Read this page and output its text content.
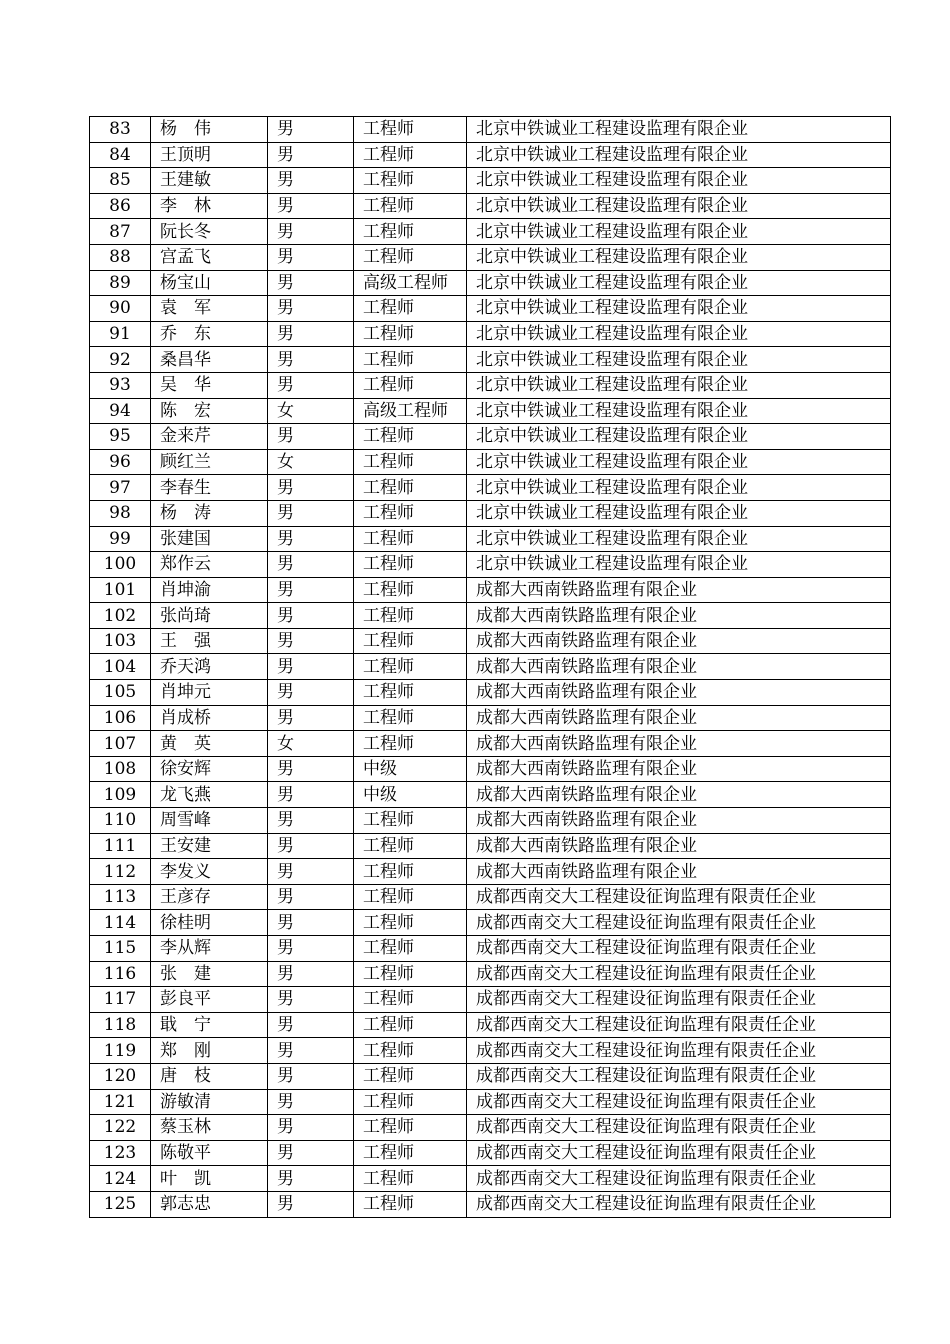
83	杨　伟	男	工程师	北京中铁诚业工程建设监理有限企业
84	王顶明	男	工程师	北京中铁诚业工程建设监理有限企业
85	王建敏	男	工程师	北京中铁诚业工程建设监理有限企业
86	李　林	男	工程师	北京中铁诚业工程建设监理有限企业
87	阮长冬	男	工程师	北京中铁诚业工程建设监理有限企业
88	宫孟飞	男	工程师	北京中铁诚业工程建设监理有限企业
89	杨宝山	男	高级工程师	北京中铁诚业工程建设监理有限企业
90	袁　军	男	工程师	北京中铁诚业工程建设监理有限企业
91	乔　东	男	工程师	北京中铁诚业工程建设监理有限企业
92	桑昌华	男	工程师	北京中铁诚业工程建设监理有限企业
93	吴　华	男	工程师	北京中铁诚业工程建设监理有限企业
94	陈　宏	女	高级工程师	北京中铁诚业工程建设监理有限企业
95	金来芹	男	工程师	北京中铁诚业工程建设监理有限企业
96	顾红兰	女	工程师	北京中铁诚业工程建设监理有限企业
97	李春生	男	工程师	北京中铁诚业工程建设监理有限企业
98	杨　涛	男	工程师	北京中铁诚业工程建设监理有限企业
99	张建国	男	工程师	北京中铁诚业工程建设监理有限企业
100	郑作云	男	工程师	北京中铁诚业工程建设监理有限企业
101	肖坤渝	男	工程师	成都大西南铁路监理有限企业
102	张尚琦	男	工程师	成都大西南铁路监理有限企业
103	王　强	男	工程师	成都大西南铁路监理有限企业
104	乔天鸿	男	工程师	成都大西南铁路监理有限企业
105	肖坤元	男	工程师	成都大西南铁路监理有限企业
106	肖成桥	男	工程师	成都大西南铁路监理有限企业
107	黄　英	女	工程师	成都大西南铁路监理有限企业
108	徐安辉	男	中级	成都大西南铁路监理有限企业
109	龙飞燕	男	中级	成都大西南铁路监理有限企业
110	周雪峰	男	工程师	成都大西南铁路监理有限企业
111	王安建	男	工程师	成都大西南铁路监理有限企业
112	李发义	男	工程师	成都大西南铁路监理有限企业
113	王彦存	男	工程师	成都西南交大工程建设征询监理有限责任企业
114	徐桂明	男	工程师	成都西南交大工程建设征询监理有限责任企业
115	李从辉	男	工程师	成都西南交大工程建设征询监理有限责任企业
116	张　建	男	工程师	成都西南交大工程建设征询监理有限责任企业
117	彭良平	男	工程师	成都西南交大工程建设征询监理有限责任企业
118	戢　宁	男	工程师	成都西南交大工程建设征询监理有限责任企业
119	郑　刚	男	工程师	成都西南交大工程建设征询监理有限责任企业
120	唐　枝	男	工程师	成都西南交大工程建设征询监理有限责任企业
121	游敏清	男	工程师	成都西南交大工程建设征询监理有限责任企业
122	蔡玉林	男	工程师	成都西南交大工程建设征询监理有限责任企业
123	陈敬平	男	工程师	成都西南交大工程建设征询监理有限责任企业
124	叶　凯	男	工程师	成都西南交大工程建设征询监理有限责任企业
125	郭志忠	男	工程师	成都西南交大工程建设征询监理有限责任企业
